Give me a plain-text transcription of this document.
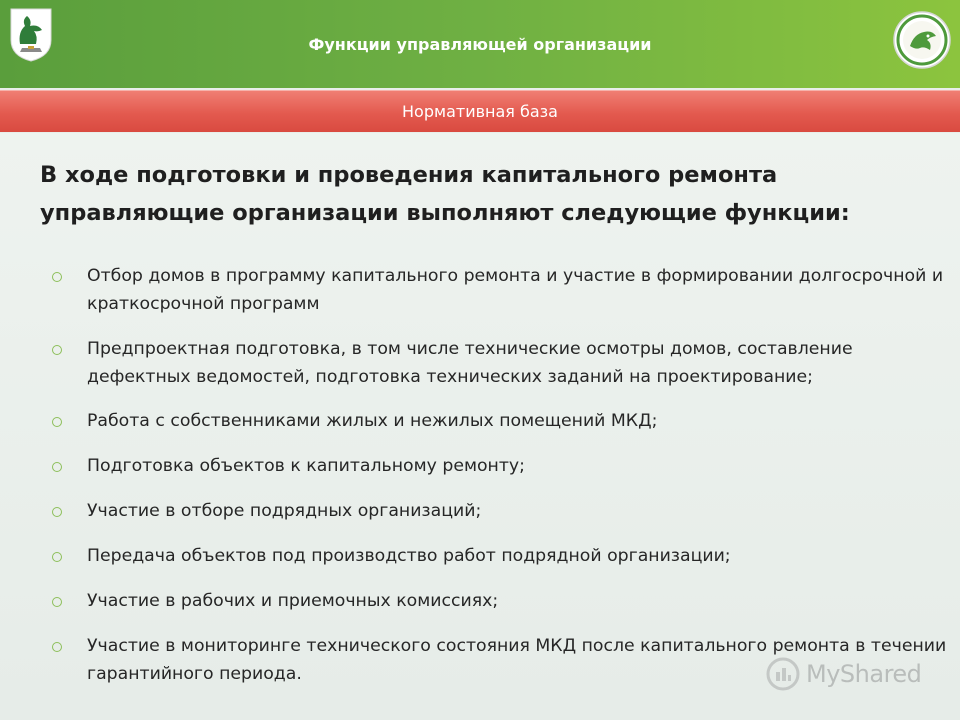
Функции управляющей организации
Нормативная база
В ходе подготовки и проведения капитального ремонта управляющие организации выполняют следующие функции:
Отбор домов в программу капитального ремонта и участие в формировании долгосрочной и краткосрочной программ
Предпроектная подготовка, в том числе технические осмотры домов, составление дефектных ведомостей, подготовка технических заданий на проектирование;
Работа с собственниками жилых и нежилых помещений МКД;
Подготовка объектов к капитальному ремонту;
Участие в отборе подрядных организаций;
Передача объектов под производство работ подрядной организации;
Участие в рабочих и приемочных комиссиях;
Участие в мониторинге технического состояния МКД после капитального ремонта в течении гарантийного периода.	MyShared
